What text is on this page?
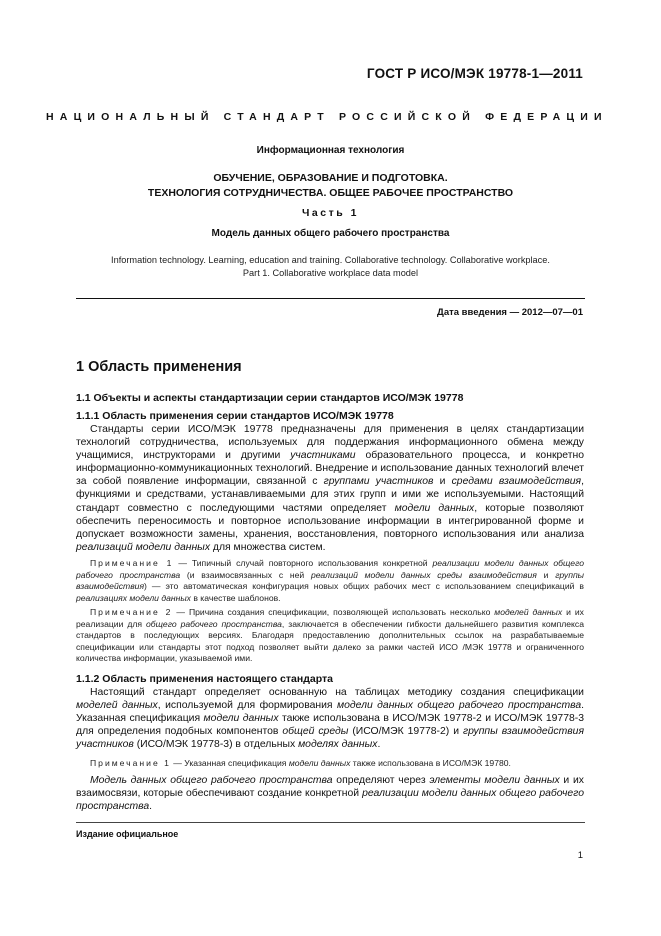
ГОСТ Р ИСО/МЭК 19778-1—2011
НАЦИОНАЛЬНЫЙ СТАНДАРТ РОССИЙСКОЙ ФЕДЕРАЦИИ
Информационная технология
ОБУЧЕНИЕ, ОБРАЗОВАНИЕ И ПОДГОТОВКА.
ТЕХНОЛОГИЯ СОТРУДНИЧЕСТВА. ОБЩЕЕ РАБОЧЕЕ ПРОСТРАНСТВО
Часть 1
Модель данных общего рабочего пространства
Information technology. Learning, education and training. Collaborative technology. Collaborative workplace.
Part 1. Collaborative workplace data model
Дата введения — 2012—07—01
1 Область применения
1.1 Объекты и аспекты стандартизации серии стандартов ИСО/МЭК 19778
1.1.1 Область применения серии стандартов ИСО/МЭК 19778
Стандарты серии ИСО/МЭК 19778 предназначены для применения в целях стандартизации технологий сотрудничества, используемых для поддержания информационного обмена между учащимися, инструкторами и другими участниками образовательного процесса, и конкретно информационно-коммуникационных технологий. Внедрение и использование данных технологий влечет за собой появление информации, связанной с группами участников и средами взаимодействия, функциями и средствами, устанавливаемыми для этих групп и ими же используемыми. Настоящий стандарт совместно с последующими частями определяет модели данных, которые позволяют обеспечить переносимость и повторное использование информации в интегрированной форме и допускает возможности замены, хранения, восстановления, повторного использования или анализа реализаций модели данных для множества систем.
Примечание 1 — Типичный случай повторного использования конкретной реализации модели данных общего рабочего пространства (и взаимосвязанных с ней реализаций модели данных среды взаимодействия и группы взаимодействия) — это автоматическая конфигурация новых общих рабочих мест с использованием спецификаций в реализациях модели данных в качестве шаблонов.
Примечание 2 — Причина создания спецификации, позволяющей использовать несколько моделей данных и их реализации для общего рабочего пространства, заключается в обеспечении гибкости дальнейшего развития комплекса стандартов в последующих версиях. Благодаря предоставлению дополнительных ссылок на разрабатываемые спецификации или стандарты этот подход позволяет выйти далеко за рамки частей ИСО /МЭК 19778 и ограниченного количества информации, указываемой ими.
1.1.2 Область применения настоящего стандарта
Настоящий стандарт определяет основанную на таблицах методику создания спецификации моделей данных, используемой для формирования модели данных общего рабочего пространства. Указанная спецификация модели данных также использована в ИСО/МЭК 19778-2 и ИСО/МЭК 19778-3 для определения подобных компонентов общей среды (ИСО/МЭК 19778-2) и группы взаимодействия участников (ИСО/МЭК 19778-3) в отдельных моделях данных.
Примечание 1 — Указанная спецификация модели данных также использована в ИСО/МЭК 19780.
Модель данных общего рабочего пространства определяют через элементы модели данных и их взаимосвязи, которые обеспечивают создание конкретной реализации модели данных общего рабочего пространства.
Издание официальное
1
